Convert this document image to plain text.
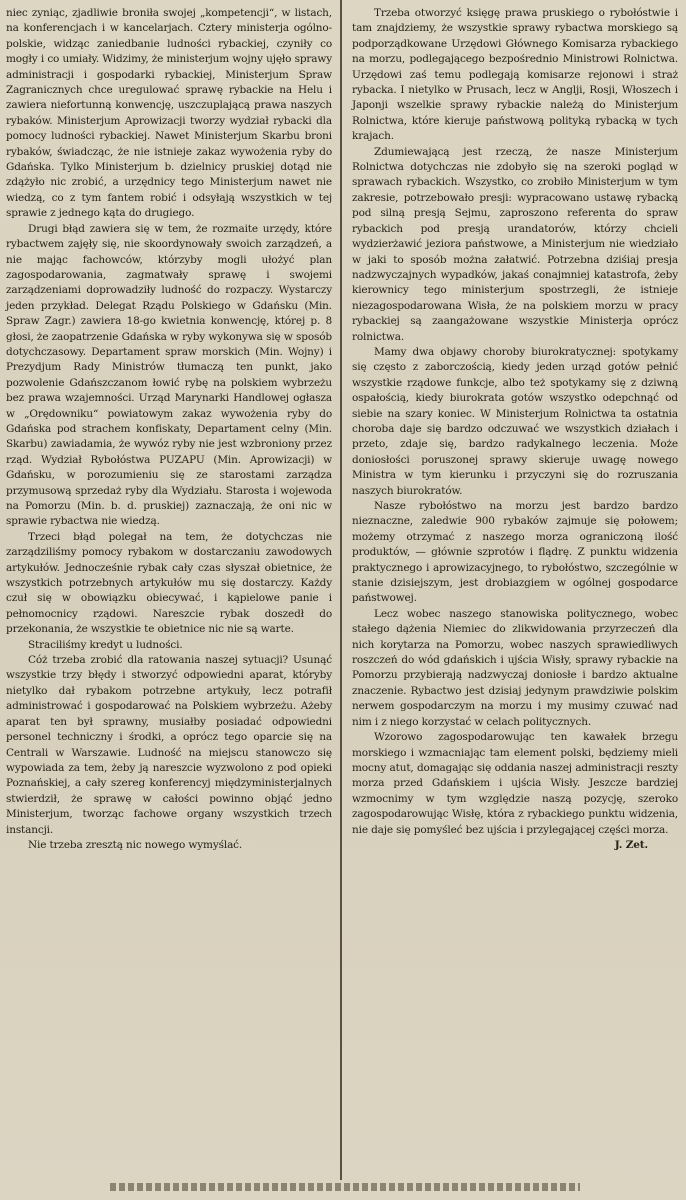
niec zyniąc, zjadliwie broniła swojej „kompetencji“, w listach, na konferencjach i w kancelarjach. Cztery ministerja ogólno-polskie, widząc zaniedbanie ludności rybackiej, czyniły co mogły i co umiały. Widzimy, że ministerjum wojny ujęło sprawy administracji i gospodarki rybackiej, Ministerjum Spraw Zagranicznych chce uregulować sprawę rybackie na Helu i zawiera niefortunną konwencję, uszczuplającą prawa naszych rybaków. Ministerjum Aprowizacji tworzy wydział rybacki dla pomocy ludności rybackiej. Nawet Ministerjum Skarbu broni rybaków, świadcząc, że nie istnieje zakaz wywożenia ryby do Gdańska. Tylko Ministerjum b. dzielnicy pruskiej dotąd nie zdążyło nic zrobić, a urzędnicy tego Ministerjum nawet nie wiedzą, co z tym fantem robić i odsyłają wszystkich w tej sprawie z jednego kąta do drugiego.

Drugi błąd zawiera się w tem, że rozmaite urzędy, które rybactwem zajęły się, nie skoordynowały swoich zarządzeń, a nie mając fachowców, którzyby mogli ułożyć plan zagospodarowania, zagmatwały sprawę i swojemi zarządzeniami doprowadziły ludność do rozpaczy. Wystarczy jeden przykład. Delegat Rządu Polskiego w Gdańsku (Min. Spraw Zagr.) zawiera 18-go kwietnia konwencję, której p. 8 głosi, że zaopatrzenie Gdańska w ryby wykonywa się w sposób dotychczasowy. Departament spraw morskich (Min. Wojny) i Prezydjum Rady Ministrów tłumaczą ten punkt, jako pozwolenie Gdańszczanom łowić rybę na polskiem wybrzeżu bez prawa wzajemności. Urząd Marynarki Handlowej ogłasza w „Orędowniku“ powiatowym zakaz wywożenia ryby do Gdańska pod strachem konfiskaty, Departament celny (Min. Skarbu) zawiadamia, że wywóz ryby nie jest wzbroniony przez rząd. Wydział Rybołóstwa PUZAPU (Min. Aprowizacji) w Gdańsku, w porozumieniu się ze starostami zarządza przymusową sprzedaż ryby dla Wydziału. Starosta i wojewoda na Pomorzu (Min. b. d. pruskiej) zaznaczają, że oni nic w sprawie rybactwa nie wiedzą.

Trzeci błąd polegał na tem, że dotychczas nie zarządziliśmy pomocy rybakom w dostarczaniu zawodowych artykułów. Jednocześnie rybak cały czas słyszał obietnice, że wszystkich potrzebnych artykułów mu się dostarczy. Każdy czuł się w obowiązku obiecywać, i kąpielowe panie i pełnomocnicy rządowi. Nareszcie rybak doszedł do przekonania, że wszystkie te obietnice nic nie są warte.

Straciliśmy kredyt u ludności.

Cóż trzeba zrobić dla ratowania naszej sytuacji? Usunąć wszystkie trzy błędy i stworzyć odpowiedni aparat, któryby nietylko dał rybakom potrzebne artykuły, lecz potrafił administrować i gospodarować na Polskiem wybrzeżu. Ażeby aparat ten był sprawny, musiałby posiadać odpowiedni personel techniczny i środki, a oprócz tego oparcie się na Centrali w Warszawie. Ludność na miejscu stanowczo się wypowiada za tem, żeby ją nareszcie wyzwolono z pod opieki Poznańskiej, a cały szereg konferencyj międzyministerjalnych stwierdził, że sprawę w całości powinno objąć jedno Ministerjum, tworząc fachowe organy wszystkich trzech instancji.

Nie trzeba zresztą nic nowego wymyślać.

Trzeba otworzyć księgę prawa pruskiego o rybołóstwie i tam znajdziemy, że wszystkie sprawy rybactwa morskiego są podporządkowane Urzędowi Głównego Komisarza rybackiego na morzu, podlegającego bezpośrednio Ministrowi Rolnictwa. Urzędowi zaś temu podlegają komisarze rejonowi i straż rybacka. I nietylko w Prusach, lecz w Anglji, Rosji, Włoszech i Japonji wszelkie sprawy rybackie należą do Ministerjum Rolnictwa, które kieruje państwową polityką rybacką w tych krajach.

Zdumiewającą jest rzeczą, że nasze Ministerjum Rolnictwa dotychczas nie zdobyło się na szeroki pogląd w sprawach rybackich. Wszystko, co zrobiło Ministerjum w tym zakresie, potrzebowało presji: wypracowano ustawę rybacką pod silną presją Sejmu, zaproszono referenta do spraw rybackich pod presją urandatorów, którzy chcieli wydzierżawić jeziora państwowe, a Ministerjum nie wiedziało w jaki to sposób można załatwić. Potrzebna dziśiaj presja nadzwyczajnych wypadków, jakaś conajmniej katastrofa, żeby kierownicy tego ministerjum spostrzegli, że istnieje niezagospodarowana Wisła, że na polskiem morzu w pracy rybackiej są zaangażowane wszystkie Ministerja oprócz rolnictwa.

Mamy dwa objawy choroby biurokratycznej: spotykamy się często z zaborczością, kiedy jeden urząd gotów pełnić wszystkie rządowe funkcje, albo też spotykamy się z dziwną ospałością, kiedy biurokrata gotów wszystko odepchnąć od siebie na szary koniec. W Ministerjum Rolnictwa ta ostatnia choroba daje się bardzo odczuwać we wszystkich działach i przeto, zdaje się, bardzo radykalnego leczenia. Może doniosłości poruszonej sprawy skieruje uwagę nowego Ministra w tym kierunku i przyczyni się do rozruszania naszych biurokratów.

Nasze rybołóstwo na morzu jest bardzo bardzo nieznaczne, zaledwie 900 rybaków zajmuje się połowem; możemy otrzymać z naszego morza ograniczoną ilość produktów, — głównie szprotów i flądrę. Z punktu widzenia praktycznego i aprowizacyjnego, to rybołóstwo, szczególnie w stanie dzisiejszym, jest drobiazgiem w ogólnej gospodarce państwowej.

Lecz wobec naszego stanowiska politycznego, wobec stałego dążenia Niemiec do zlikwidowania przyrzeczeń dla nich korytarza na Pomorzu, wobec naszych sprawiedliwych roszczeń do wód gdańskich i ujścia Wisły, sprawy rybackie na Pomorzu przybierają nadzwyczaj doniosłe i bardzo aktualne znaczenie. Rybactwo jest dzisiaj jedynym prawdziwie polskim nerwem gospodarczym na morzu i my musimy czuwać nad nim i z niego korzystać w celach politycznych.

Wzorowo zagospodarowując ten kawałek brzegu morskiego i wzmacniając tam element polski, będziemy mieli mocny atut, domagając się oddania naszej administracji reszty morza przed Gdańskiem i ujścia Wisły. Jeszcze bardziej wzmocnimy w tym względzie naszą pozycję, szeroko zagospodarowując Wisłę, która z rybackiego punktu widzenia, nie daje się pomyśleć bez ujścia i przylegającej części morza.

J. Zet.
